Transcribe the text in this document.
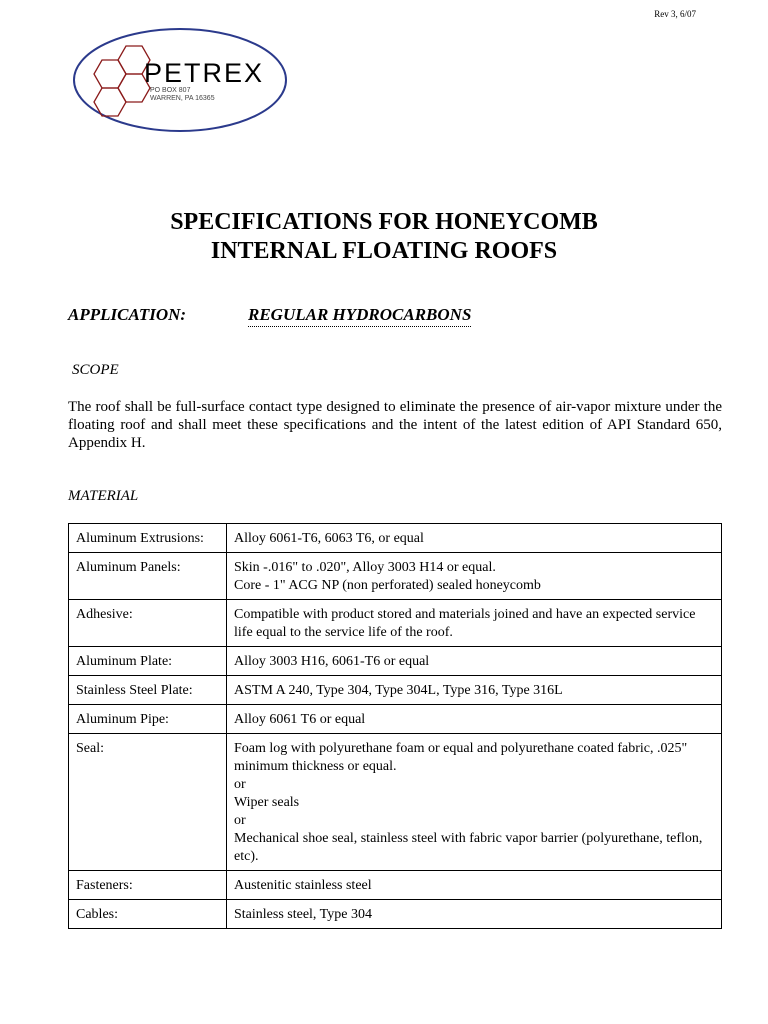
Rev 3, 6/07
PETREX
PO BOX 807
WARREN, PA 16365
SPECIFICATIONS FOR HONEYCOMB
INTERNAL FLOATING ROOFS
APPLICATION:	REGULAR HYDROCARBONS
SCOPE
The roof shall be full-surface contact type designed to eliminate the presence of air-vapor mixture under the floating roof and shall meet these specifications and the intent of the latest edition of API Standard 650, Appendix H.
MATERIAL
Aluminum Extrusions:	Alloy 6061-T6, 6063 T6, or equal

Aluminum Panels:	Skin -.016" to .020", Alloy 3003 H14 or equal.
Core - 1" ACG NP (non perforated) sealed honeycomb

Adhesive:	Compatible with product stored and materials joined and have an expected service life equal to the service life of the roof.

Aluminum Plate:	Alloy 3003 H16, 6061-T6 or equal

Stainless Steel Plate:	ASTM A 240, Type 304, Type 304L, Type 316, Type 316L

Aluminum Pipe:	Alloy 6061 T6 or equal

Seal:	Foam log with polyurethane foam or equal and polyurethane coated fabric, .025" minimum thickness or equal.
or
Wiper seals
or
Mechanical shoe seal, stainless steel with fabric vapor barrier (polyurethane, teflon, etc).

Fasteners:	Austenitic stainless steel

Cables:	Stainless steel, Type 304
